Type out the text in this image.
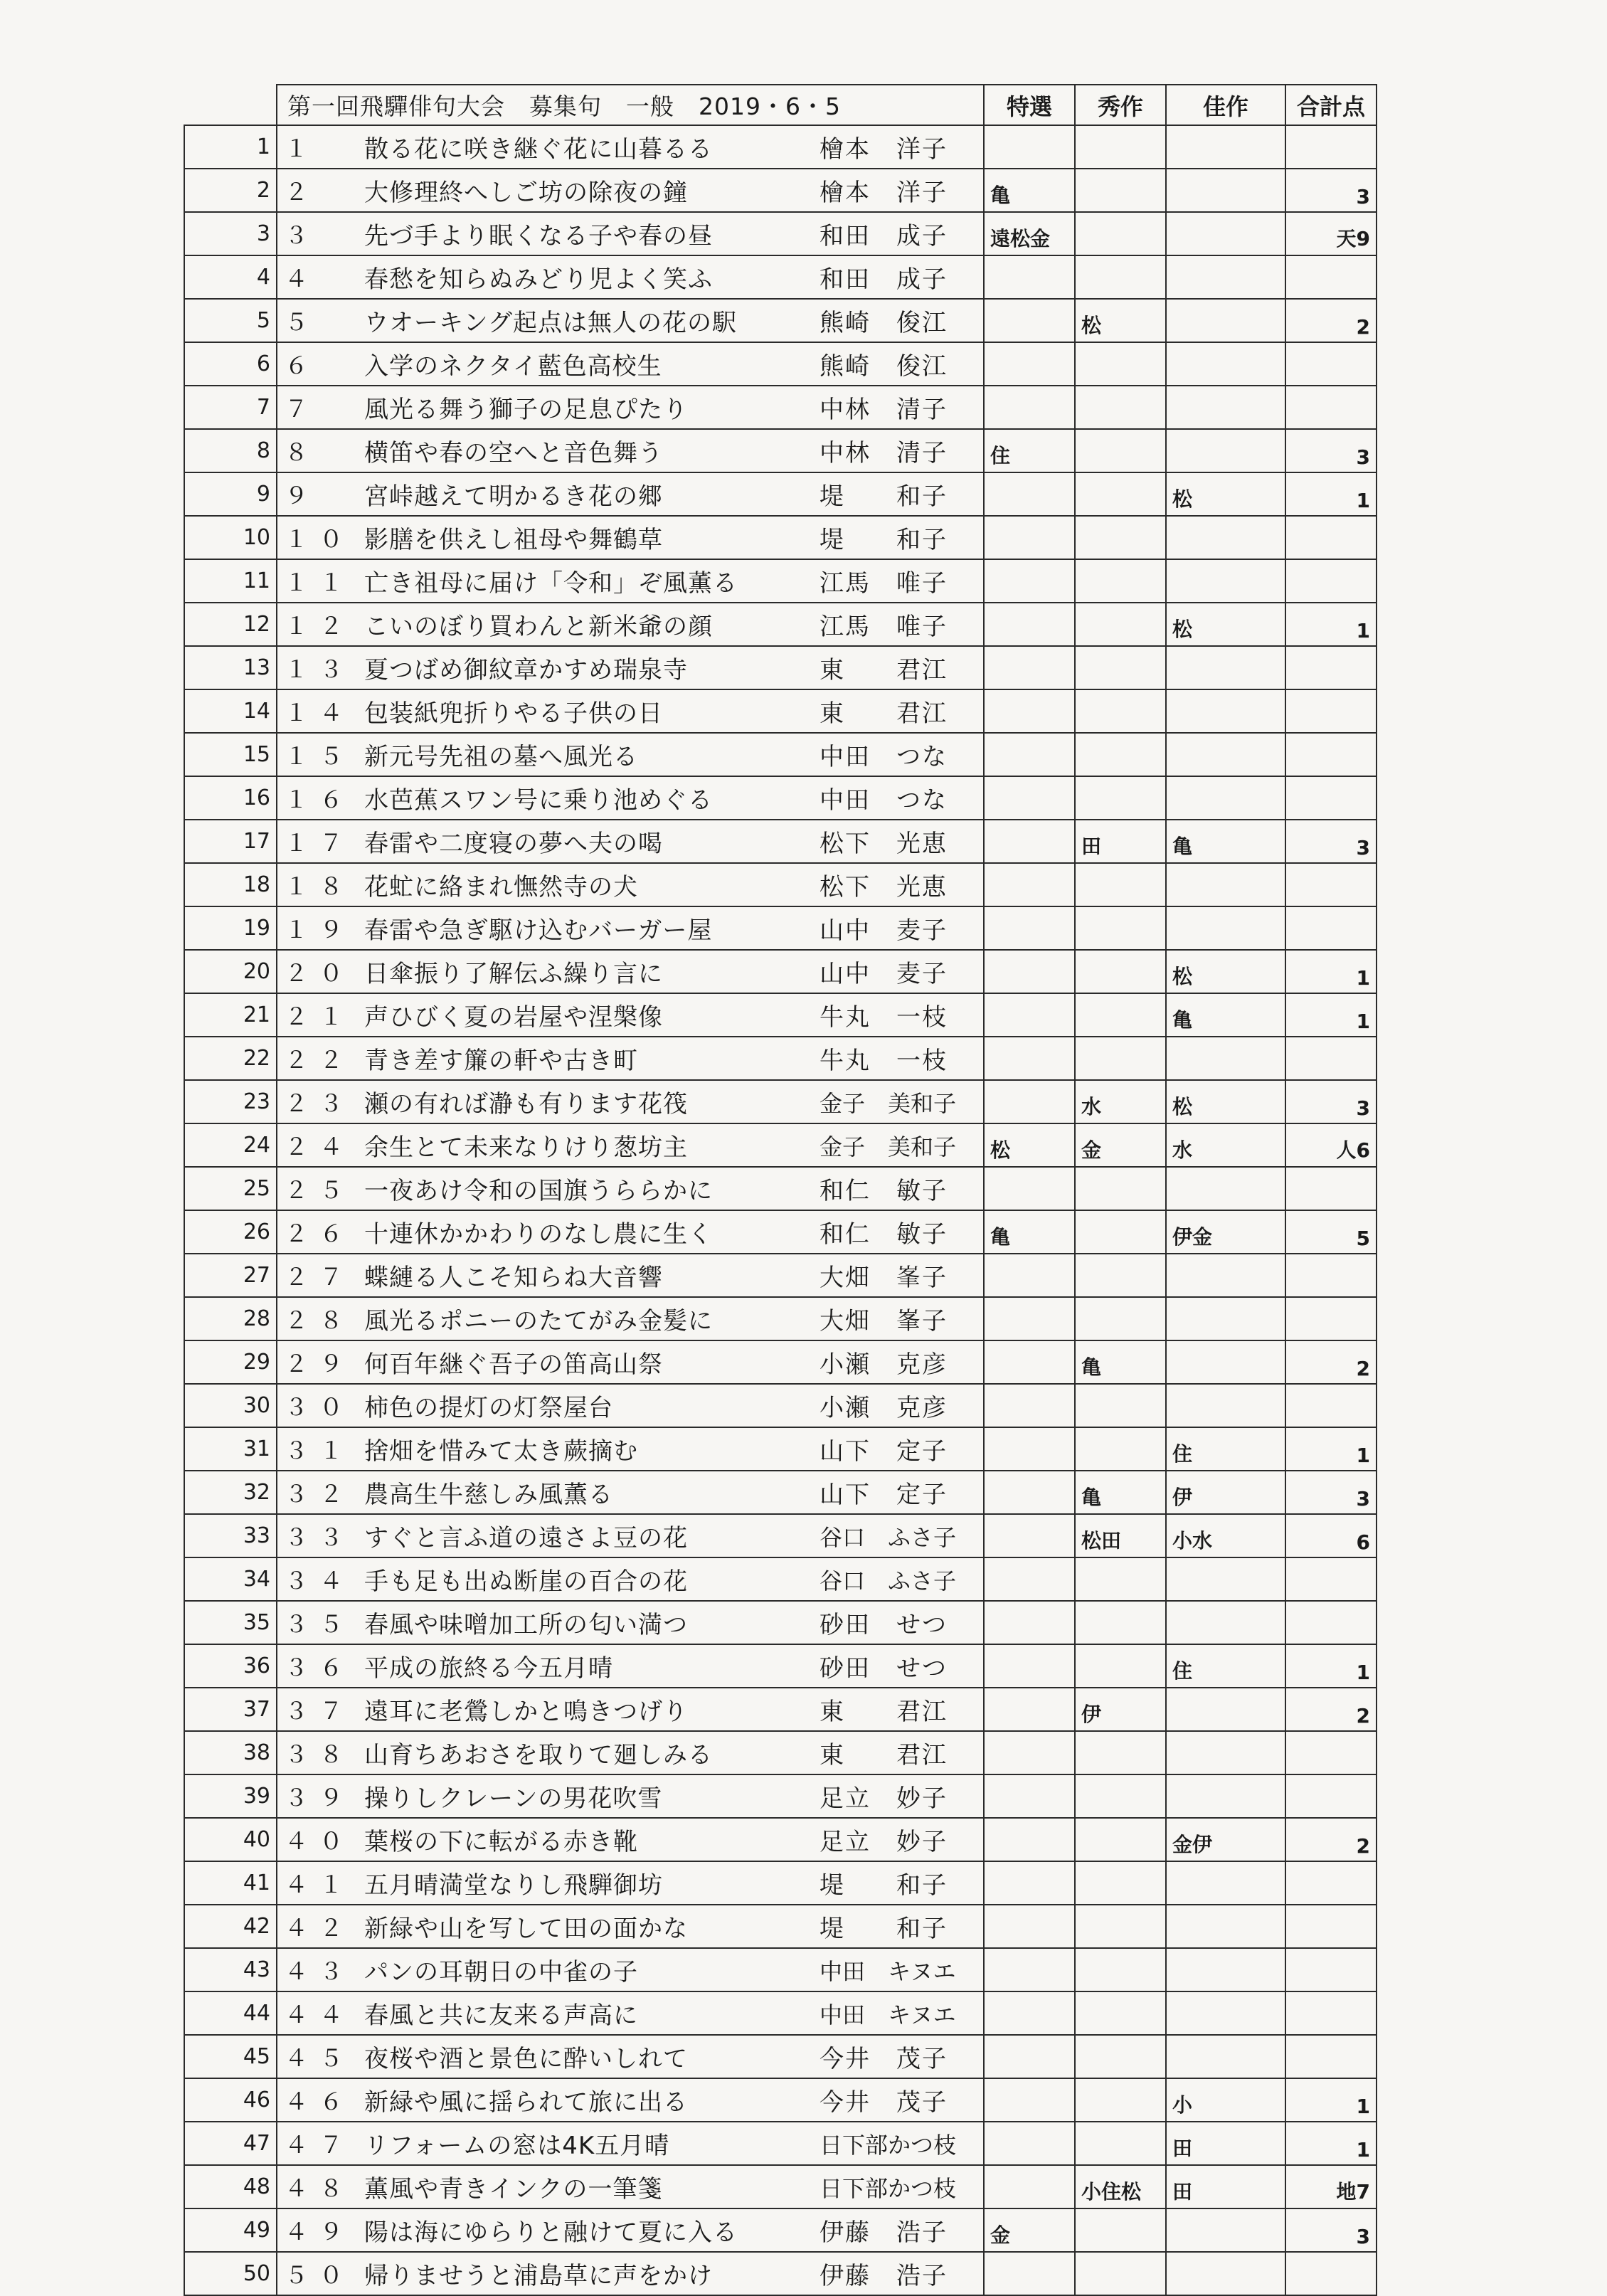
	第一回飛驒俳句大会　募集句　一般　2019・6・5	特選	秀作	佳作	合計点
1	１ 散る花に咲き継ぐ花に山暮るる 檜本　洋子				

2	２ 大修理終へしご坊の除夜の鐘 檜本　洋子	亀			3
3	３ 先づ手より眠くなる子や春の昼 和田　成子	遠松金			天9
4	４ 春愁を知らぬみどり児よく笑ふ 和田　成子				

5	５ ウオーキング起点は無人の花の駅 熊崎　俊江		松		2
6	６ 入学のネクタイ藍色高校生 熊崎　俊江				

7	７ 風光る舞う獅子の足息ぴたり 中林　清子				

8	８ 横笛や春の空へと音色舞う 中林　清子	住			3
9	９ 宮峠越えて明かるき花の郷 堤　　和子			松	1
10	１０ 影膳を供えし祖母や舞鶴草 堤　　和子				

11	１１ 亡き祖母に届け「令和」ぞ風薫る 江馬　唯子				

12	１２ こいのぼり買わんと新米爺の顔 江馬　唯子			松	1
13	１３ 夏つばめ御紋章かすめ瑞泉寺 東　　君江				

14	１４ 包装紙兜折りやる子供の日 東　　君江				

15	１５ 新元号先祖の墓へ風光る 中田　つな				

16	１６ 水芭蕉スワン号に乗り池めぐる 中田　つな				

17	１７ 春雷や二度寝の夢へ夫の喝 松下　光恵		田	亀	3
18	１８ 花虻に絡まれ憮然寺の犬 松下　光恵				

19	１９ 春雷や急ぎ駆け込むバーガー屋 山中　麦子				

20	２０ 日傘振り了解伝ふ繰り言に 山中　麦子			松	1
21	２１ 声ひびく夏の岩屋や涅槃像 牛丸　一枝			亀	1
22	２２ 青き差す簾の軒や古き町 牛丸　一枝				

23	２３ 瀬の有れば瀞も有ります花筏 金子　美和子		水	松	3
24	２４ 余生とて未来なりけり葱坊主 金子　美和子	松	金	水	人6
25	２５ 一夜あけ令和の国旗うららかに 和仁　敏子				

26	２６ 十連休かかわりのなし農に生く 和仁　敏子	亀		伊金	5
27	２７ 蝶縺る人こそ知らね大音響 大畑　峯子				

28	２８ 風光るポニーのたてがみ金髪に 大畑　峯子				

29	２９ 何百年継ぐ吾子の笛高山祭 小瀬　克彦		亀		2
30	３０ 柿色の提灯の灯祭屋台 小瀬　克彦				

31	３１ 捨畑を惜みて太き蕨摘む 山下　定子			住	1
32	３２ 農高生牛慈しみ風薫る 山下　定子		亀	伊	3
33	３３ すぐと言ふ道の遠さよ豆の花 谷口　ふさ子		松田	小水	6
34	３４ 手も足も出ぬ断崖の百合の花 谷口　ふさ子				

35	３５ 春風や味噌加工所の匂い満つ 砂田　せつ				

36	３６ 平成の旅終る今五月晴 砂田　せつ			住	1
37	３７ 遠耳に老鶯しかと鳴きつげり 東　　君江		伊		2
38	３８ 山育ちあおさを取りて廻しみる 東　　君江				

39	３９ 操りしクレーンの男花吹雪 足立　妙子				

40	４０ 葉桜の下に転がる赤き靴 足立　妙子			金伊	2
41	４１ 五月晴満堂なりし飛騨御坊 堤　　和子				

42	４２ 新緑や山を写して田の面かな 堤　　和子				

43	４３ パンの耳朝日の中雀の子 中田　キヌエ				

44	４４ 春風と共に友来る声高に 中田　キヌエ				

45	４５ 夜桜や酒と景色に酔いしれて 今井　茂子				

46	４６ 新緑や風に揺られて旅に出る 今井　茂子			小	1
47	４７ リフォームの窓は4K五月晴 日下部かつ枝			田	1
48	４８ 薫風や青きインクの一筆箋 日下部かつ枝		小住松	田	地7
49	４９ 陽は海にゆらりと融けて夏に入る 伊藤　浩子	金			3
50	５０ 帰りませうと浦島草に声をかけ 伊藤　浩子				
